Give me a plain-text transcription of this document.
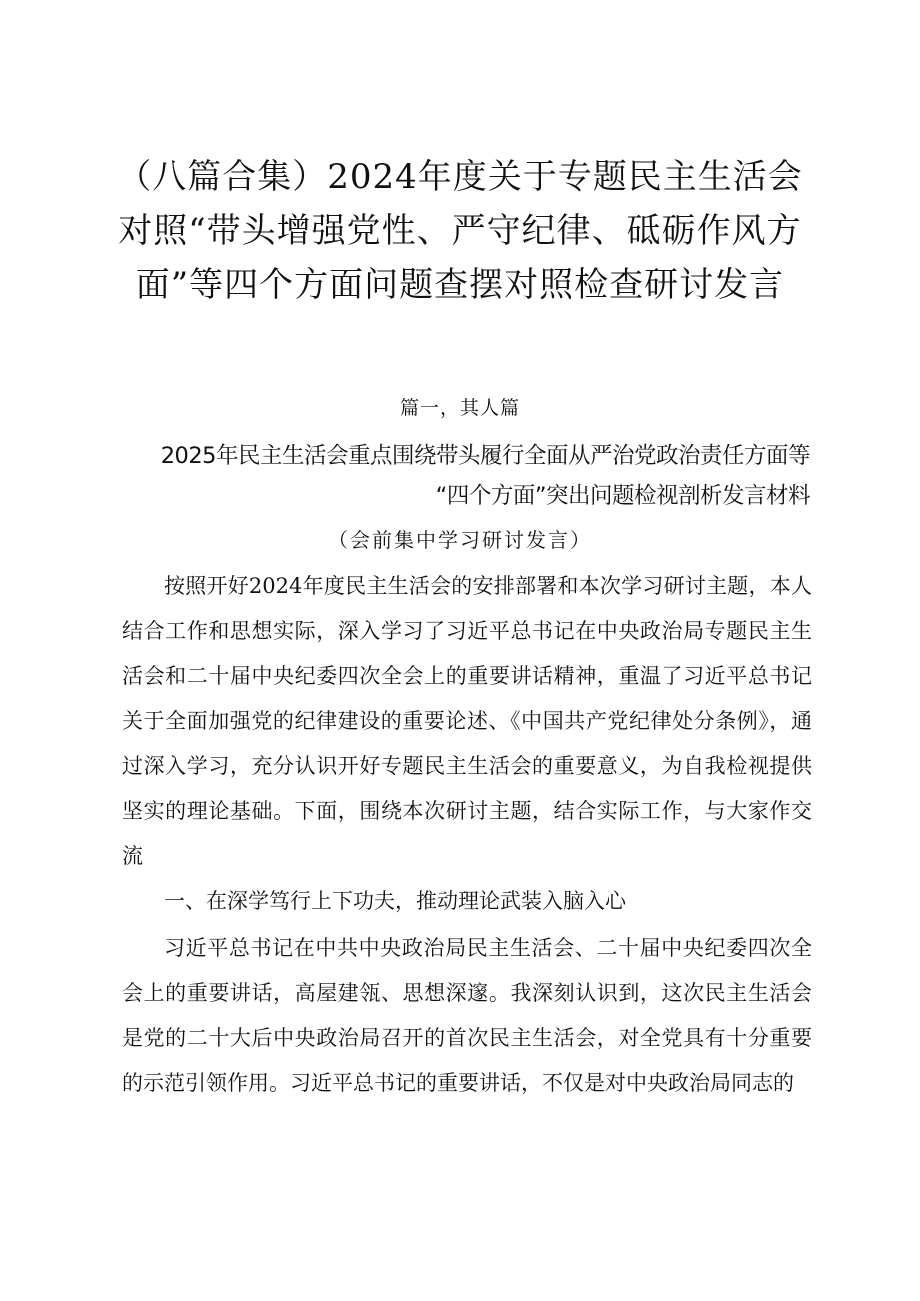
（八篇合集）2024年度关于专题民主生活会
对照“带头增强党性、严守纪律、砥砺作风方
面”等四个方面问题查摆对照检查研讨发言
篇一，其人篇
2025年民主生活会重点围绕带头履行全面从严治党政治责任方面等
“四个方面”突出问题检视剖析发言材料
（会前集中学习研讨发言）
按照开好2024年度民主生活会的安排部署和本次学习研讨主题，本人结合工作和思想实际，深入学习了习近平总书记在中央政治局专题民主生活会和二十届中央纪委四次全会上的重要讲话精神，重温了习近平总书记关于全面加强党的纪律建设的重要论述、《中国共产党纪律处分条例》，通过深入学习，充分认识开好专题民主生活会的重要意义，为自我检视提供坚实的理论基础。下面，围绕本次研讨主题，结合实际工作，与大家作交流
一、在深学笃行上下功夫，推动理论武装入脑入心
习近平总书记在中共中央政治局民主生活会、二十届中央纪委四次全会上的重要讲话，高屋建瓴、思想深邃。我深刻认识到，这次民主生活会是党的二十大后中央政治局召开的首次民主生活会，对全党具有十分重要的示范引领作用。习近平总书记的重要讲话，不仅是对中央政治局同志的
